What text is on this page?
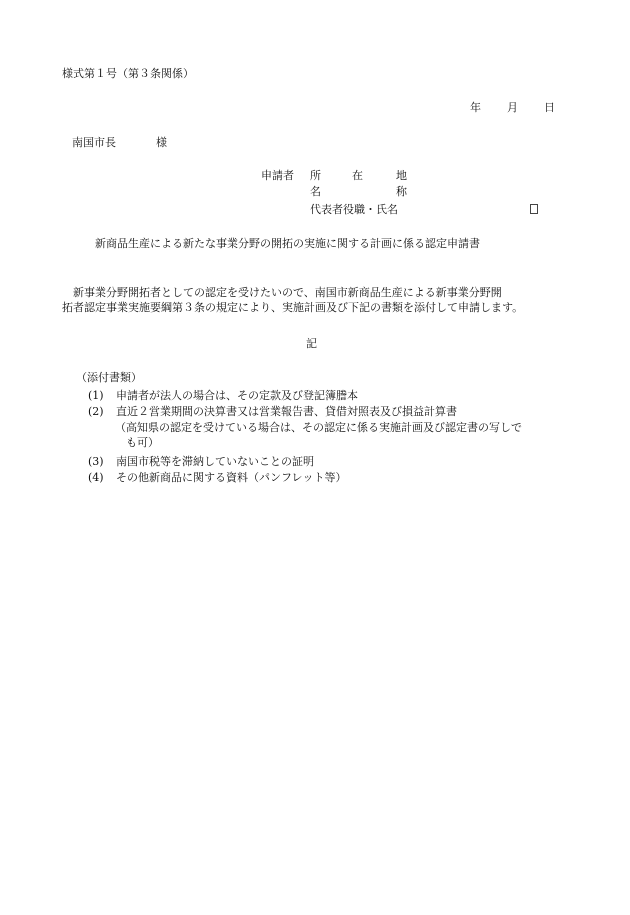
様式第１号（第３条関係）
年 月 日
南国市長	様
申請者 所	在	地
名	称
代表者役職・氏名
新商品生産による新たな事業分野の開拓の実施に関する計画に係る認定申請書

　新事業分野開拓者としての認定を受けたいので、南国市新商品生産による新事業分野開

拓者認定事業実施要綱第３条の規定により、実施計画及び下記の書類を添付して申請します。

記
（添付書類）
(1) 申請者が法人の場合は、その定款及び登記簿謄本
(2) 直近２営業期間の決算書又は営業報告書、貸借対照表及び損益計算書

（高知県の認定を受けている場合は、その認定に係る実施計画及び認定書の写しで

　も可）

(3) 南国市税等を滞納していないことの証明
(4) その他新商品に関する資料（パンフレット等）
